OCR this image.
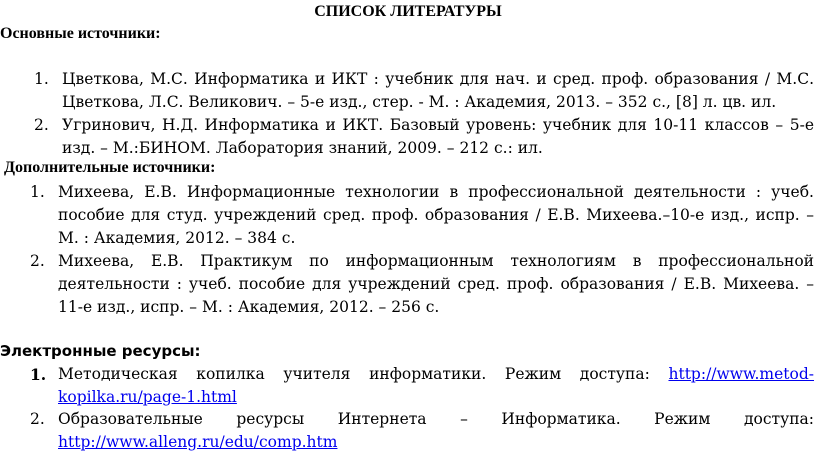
СПИСОК ЛИТЕРАТУРЫ
Основные источники:
1. Цветкова, М.С. Информатика и ИКТ : учебник для нач. и сред. проф. образования / М.С. Цветкова, Л.С. Великович. – 5-е изд., стер. - М. : Академия, 2013. – 352 с., [8] л. цв. ил.
2. Угринович, Н.Д. Информатика и ИКТ. Базовый уровень: учебник для 10-11 классов – 5-е изд. – М.:БИНОМ. Лаборатория знаний, 2009. – 212 с.: ил.
Дополнительные источники:
1. Михеева, Е.В. Информационные технологии в профессиональной деятельности : учеб. пособие для студ. учреждений сред. проф. образования / Е.В. Михеева.–10-е изд., испр. – М. : Академия, 2012. – 384 с.
2. Михеева, Е.В. Практикум по информационным технологиям в профессиональной деятельности : учеб. пособие для учреждений сред. проф. образования / Е.В. Михеева. – 11-е изд., испр. – М. : Академия, 2012. – 256 с.
Электронные ресурсы:
1. Методическая копилка учителя информатики. Режим доступа: http://www.metod-kopilka.ru/page-1.html
2. Образовательные ресурсы Интернета – Информатика. Режим доступа: http://www.alleng.ru/edu/comp.htm
